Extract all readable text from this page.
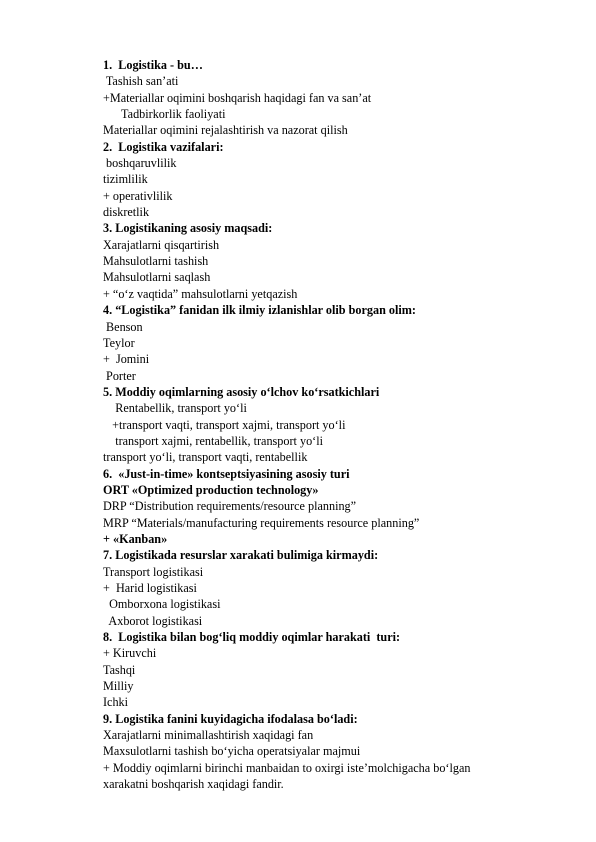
1.  Logistika - bu…
Tashish san’ati
+Materiallar oqimini boshqarish haqidagi fan va san’at
Tadbirkorlik faoliyati
Materiallar oqimini rejalashtirish va nazorat qilish
2.  Logistika vazifalari:
boshqaruvlilik
tizimlilik
+ operativlilik
diskretlik
3. Logistikaning asosiy maqsadi:
Xarajatlarni qisqartirish
Mahsulotlarni tashish
Mahsulotlarni saqlash
+ “o‘z vaqtida” mahsulotlarni yetqazish
4. “Logistika” fanidan ilk ilmiy izlanishlar olib borgan olim:
Benson
Teylor
+  Jomini
Porter
5. Moddiy oqimlarning asosiy o‘lchov ko‘rsatkichlari
Rentabellik, transport yo‘li
+transport vaqti, transport xajmi, transport yo‘li
transport xajmi, rentabellik, transport yo‘li
transport yo‘li, transport vaqti, rentabellik
6.  «Just-in-time» kontseptsiyasining asosiy turi
ORT «Optimized production technology»
DRP “Distribution requirements/resource planning”
MRP “Materials/manufacturing requirements resource planning”
+ «Kanban»
7. Logistikada resurslar xarakati bulimiga kirmaydi:
Transport logistikasi
+  Harid logistikasi
Omborxona logistikasi
Axborot logistikasi
8.  Logistika bilan bog‘liq moddiy oqimlar harakati  turi:
+ Kiruvchi
Tashqi
Milliy
Ichki
9. Logistika fanini kuyidagicha ifodalasa bo‘ladi:
Xarajatlarni minimallashtirish xaqidagi fan
Maxsulotlarni tashish bo‘yicha operatsiyalar majmui
+ Moddiy oqimlarni birinchi manbaidan to oxirgi iste’molchigacha bo‘lgan
xarakatni boshqarish xaqidagi fandir.
